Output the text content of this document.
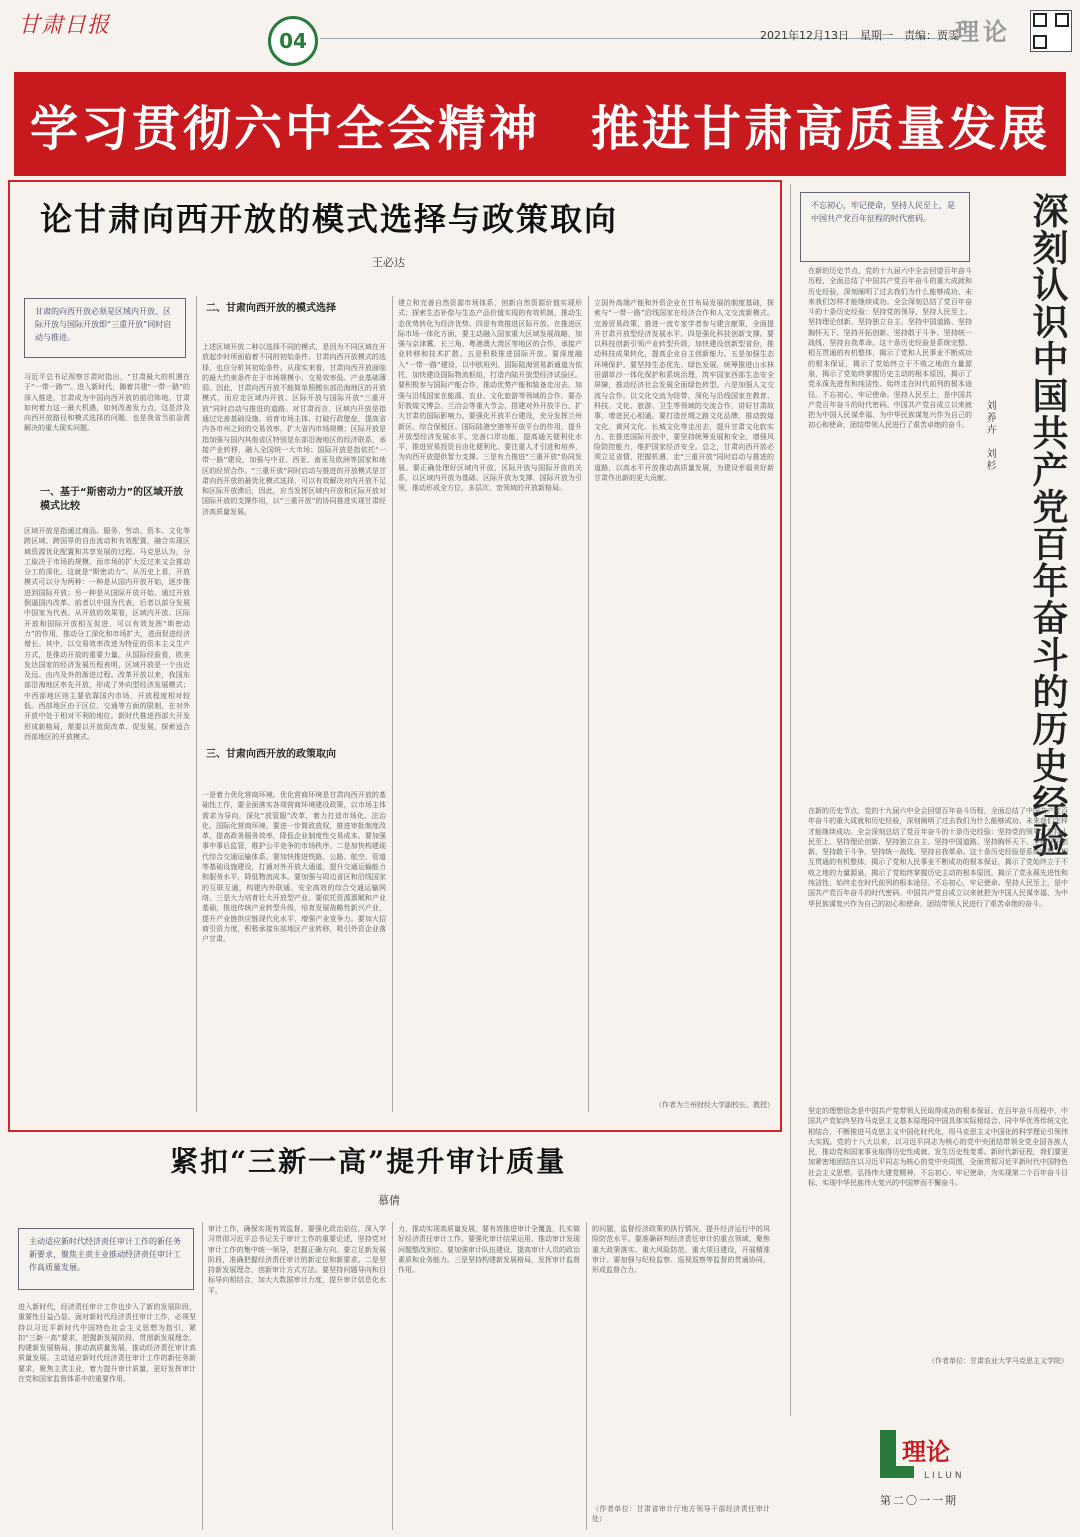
甘肃日报
04	2021年12月13日　星期一　责编：贾雯
理论
学习贯彻六中全会精神　推进甘肃高质量发展
论甘肃向西开放的模式选择与政策取向
王必达
甘肃的向西开放必须是区域内开放、区际开放与国际开放即“三重开放”同时启动与推进。
习近平总书记视察甘肃时指出，“甘肃最大的机遇在于“一带一路””。进入新时代，随着共建“一带一路”的深入推进，甘肃成为中国向西开放的前沿阵地。甘肃如何着力这一最大机遇，如何改善发力点，这是涉及向西开放路径和模式选择的问题，也是我省当前急需解决的重大现实问题。
一、基于“斯密动力”的区域开放模式比较
区域开放是指通过商品、服务、劳动、资本、文化等跨区域、跨国界的自由流动和有效配置，融合实现区域资源优化配置和共享发展的过程。马克思认为，分工取决于市场的规模，而市场的扩大反过来又会推动分工的深化，这就是“斯密动力”。从历史上看，开放模式可以分为两种：一种是从国内开放开始，逐步推进到国际开放；另一种是从国际开放开始，通过开放倒逼国内改革。前者以中国为代表，后者以部分发展中国家为代表。从开放的效果看，区域内开放、区际开放和国际开放相互促进，可以有效发挥“斯密动力”的作用，推动分工深化和市场扩大，进而促进经济增长。其中，以交易效率改进为特征的资本主义生产方式，是推动开放的重要力量。从国际经验看，欧美发达国家的经济发展历程表明，区域开放是一个由近及远、由内及外的渐进过程。改革开放以来，我国东部沿海地区率先开放，形成了外向型经济发展模式；中西部地区则主要依靠国内市场，开放程度相对较低。西部地区由于区位、交通等方面的限制，在对外开放中处于相对不利的地位。新时代推进西部大开发形成新格局，需要以开放促改革、促发展，探索适合西部地区的开放模式。
二、甘肃向西开放的模式选择
上述区域开放二种以选择不同的模式，是因为不同区域在开放起步时所面临着不同的初始条件。甘肃向西开放模式的选择，也应分析其初始条件。从现实来看，甘肃向西开放面临的最大约束条件在于市场规模小、交易效率低、产业基础薄弱。因此，甘肃向西开放不能简单照搬东部沿海地区的开放模式，而应走区域内开放、区际开放与国际开放“三重开放”同时启动与推进的道路。对甘肃而言，区域内开放是指通过完善基础设施、培育市场主体、打破行政壁垒，提高省内各市州之间的交易效率，扩大省内市场规模；区际开放是指加强与国内其他省区特别是东部沿海地区的经济联系，承接产业转移，融入全国统一大市场；国际开放是指依托“一带一路”建设，加强与中亚、西亚、南亚及欧洲等国家和地区的经贸合作。“三重开放”同时启动与推进的开放模式是甘肃向西开放的最优化模式选择，可以有效解决对内开放不足和区际开放滞后，因此，应当发挥区域内开放和区际开放对国际开放的支撑作用，以“三重开放”的协同推进实现甘肃经济高质量发展。
三、甘肃向西开放的政策取向
一是着力优化营商环境。优化营商环境是甘肃向西开放的基础性工作，要全面落实各项营商环境建设政策，以市场主体需求为导向，深化“放管服”改革，着力打造市场化、法治化、国际化营商环境。要进一步简政放权，推进审批制度改革，提高政务服务效率，降低企业制度性交易成本。要加强事中事后监管，维护公平竞争的市场秩序。二是加快构建现代综合交通运输体系。要加快推进铁路、公路、航空、管道等基础设施建设，打通对外开放大通道，提升交通运输能力和服务水平，降低物流成本。要加强与周边省区和沿线国家的互联互通，构建内外联通、安全高效的综合交通运输网络。三是大力培育壮大开放型产业。要依托资源禀赋和产业基础，推进传统产业转型升级，培育发展战略性新兴产业，提升产业链供应链现代化水平，增强产业竞争力。要加大招商引资力度，积极承接东部地区产业转移，吸引外资企业落户甘肃。
建立和完善自然资源市场体系，创新自然资源价值实现形式；探索生态补偿与生态产品价值实现的有效机制，推动生态优势转化为经济优势。四是有效推进区际开放。在推进区际市场一体化方面，要主动融入国家重大区域发展战略，加强与京津冀、长三角、粤港澳大湾区等地区的合作，承接产业转移和技术扩散。五是积极推进国际开放。要深度融入“一带一路”建设，以中欧班列、国际陆海贸易新通道为依托，加快建设国际物流枢纽，打造内陆开放型经济试验区。要积极参与国际产能合作，推动优势产能和装备走出去，加强与沿线国家在能源、农业、文化旅游等领域的合作。要办好敦煌文博会、兰洽会等重大节会，搭建对外开放平台，扩大甘肃的国际影响力。要强化开放平台建设，充分发挥兰州新区、综合保税区、国际陆港空港等开放平台的作用，提升开放型经济发展水平。完善口岸功能，提高通关便利化水平，推进贸易投资自由化便利化。要注重人才引进和培养，为向西开放提供智力支撑。三是有力推进“三重开放”协同发展。要正确处理好区域内开放、区际开放与国际开放的关系，以区域内开放为基础、区际开放为支撑、国际开放为引领，推动形成全方位、多层次、宽领域的开放新格局。
立国外高端产能和外资企业在甘布局发展的制度基础，探索与“一带一路”沿线国家在经济合作和人文交流新模式。完善贸易政策，推进一流专家学者参与建言献策，全面提升甘肃开放型经济发展水平。四是强化科技创新支撑。要以科技创新引领产业转型升级，加快建设创新型省份，推动科技成果转化，提高企业自主创新能力。五是加强生态环境保护。要坚持生态优先、绿色发展，统筹推进山水林田湖草沙一体化保护和系统治理，筑牢国家西部生态安全屏障，推动经济社会发展全面绿色转型。六是加强人文交流与合作。以文化交流为纽带，深化与沿线国家在教育、科技、文化、旅游、卫生等领域的交流合作，讲好甘肃故事，增进民心相通。要打造丝绸之路文化品牌，推动敦煌文化、黄河文化、长城文化等走出去，提升甘肃文化软实力。在推进国际开放中，要坚持统筹发展和安全，增强风险防控能力，维护国家经济安全。总之，甘肃向西开放必须立足省情，把握机遇，走“三重开放”同时启动与推进的道路，以高水平开放推动高质量发展，为建设幸福美好新甘肃作出新的更大贡献。
（作者为兰州财经大学副校长、教授）
紧扣“三新一高”提升审计质量
慕倩
主动适应新时代经济责任审计工作的新任务新要求，聚焦主责主业推动经济责任审计工作高质量发展。
进入新时代，经济责任审计工作也步入了新的发展阶段，重要性日益凸显。面对新时代经济责任审计工作，必须坚持以习近平新时代中国特色社会主义思想为指引，紧扣“三新一高”要求，把握新发展阶段、贯彻新发展理念、构建新发展格局、推动高质量发展，推动经济责任审计高质量发展。主动适应新时代经济责任审计工作的新任务新要求，聚焦主责主业，着力提升审计质量，更好发挥审计在党和国家监督体系中的重要作用。
审计工作，确保实现有效监督。要强化政治站位，深入学习贯彻习近平总书记关于审计工作的重要论述，坚持党对审计工作的集中统一领导，把握正确方向。要立足新发展阶段，准确把握经济责任审计的新定位和新要求。二是坚持新发展理念，创新审计方式方法。要坚持问题导向和目标导向相结合，加大大数据审计力度，提升审计信息化水平。
力，推动实现高质量发展，要有效推进审计全覆盖，扎实做好经济责任审计工作。要强化审计结果运用，推动审计发现问题整改到位。要加强审计队伍建设，提高审计人员的政治素质和业务能力。三是坚持构建新发展格局，发挥审计监督作用。
的问题，监督经济政策的执行情况，提升经济运行中的风险防范水平。要准确研判经济责任审计的重点领域，聚焦重大政策落实、重大风险防范、重大项目建设，开展精准审计。要加强与纪检监察、巡视巡察等监督的贯通协同，形成监督合力。
（作者单位：甘肃省审计厅地方领导干部经济责任审计处）
不忘初心，牢记使命，坚持人民至上，是中国共产党百年征程的时代密码。	深刻认识中国共产党百年奋斗的历史经验
刘养卉　刘杉
在新的历史节点，党的十九届六中全会回望百年奋斗历程，全面总结了中国共产党百年奋斗的重大成就和历史经验，深刻阐明了过去我们为什么能够成功、未来我们怎样才能继续成功。全会深刻总结了党百年奋斗的十条历史经验：坚持党的领导、坚持人民至上、坚持理论创新、坚持独立自主、坚持中国道路、坚持胸怀天下、坚持开拓创新、坚持敢于斗争、坚持统一战线、坚持自我革命。这十条历史经验是系统完整、相互贯通的有机整体，揭示了党和人民事业不断成功的根本保证，揭示了党始终立于不败之地的力量源泉，揭示了党始终掌握历史主动的根本原因，揭示了党永葆先进性和纯洁性、始终走在时代前列的根本途径。不忘初心，牢记使命。坚持人民至上，是中国共产党百年奋斗的时代密码。中国共产党自成立以来就把为中国人民谋幸福、为中华民族谋复兴作为自己的初心和使命，团结带领人民进行了艰苦卓绝的奋斗。
在新的历史节点，党的十九届六中全会回望百年奋斗历程，全面总结了中国共产党百年奋斗的重大成就和历史经验，深刻阐明了过去我们为什么能够成功、未来我们怎样才能继续成功。全会深刻总结了党百年奋斗的十条历史经验：坚持党的领导、坚持人民至上、坚持理论创新、坚持独立自主、坚持中国道路、坚持胸怀天下、坚持开拓创新、坚持敢于斗争、坚持统一战线、坚持自我革命。这十条历史经验是系统完整、相互贯通的有机整体，揭示了党和人民事业不断成功的根本保证，揭示了党始终立于不败之地的力量源泉，揭示了党始终掌握历史主动的根本原因，揭示了党永葆先进性和纯洁性、始终走在时代前列的根本途径。不忘初心，牢记使命。坚持人民至上，是中国共产党百年奋斗的时代密码。中国共产党自成立以来就把为中国人民谋幸福、为中华民族谋复兴作为自己的初心和使命，团结带领人民进行了艰苦卓绝的奋斗。
坚定的理想信念是中国共产党带领人民取得成功的根本保证。在百年奋斗历程中，中国共产党始终坚持马克思主义基本原理同中国具体实际相结合、同中华优秀传统文化相结合，不断推进马克思主义中国化时代化，用马克思主义中国化的科学理论引领伟大实践。党的十八大以来，以习近平同志为核心的党中央团结带领全党全国各族人民，推动党和国家事业取得历史性成就、发生历史性变革。新时代新征程，我们要更加紧密地团结在以习近平同志为核心的党中央周围，全面贯彻习近平新时代中国特色社会主义思想，弘扬伟大建党精神，不忘初心、牢记使命，为实现第二个百年奋斗目标、实现中华民族伟大复兴的中国梦而不懈奋斗。
（作者单位：甘肃农业大学马克思主义学院）
理论
LILUN
第二〇一一期
